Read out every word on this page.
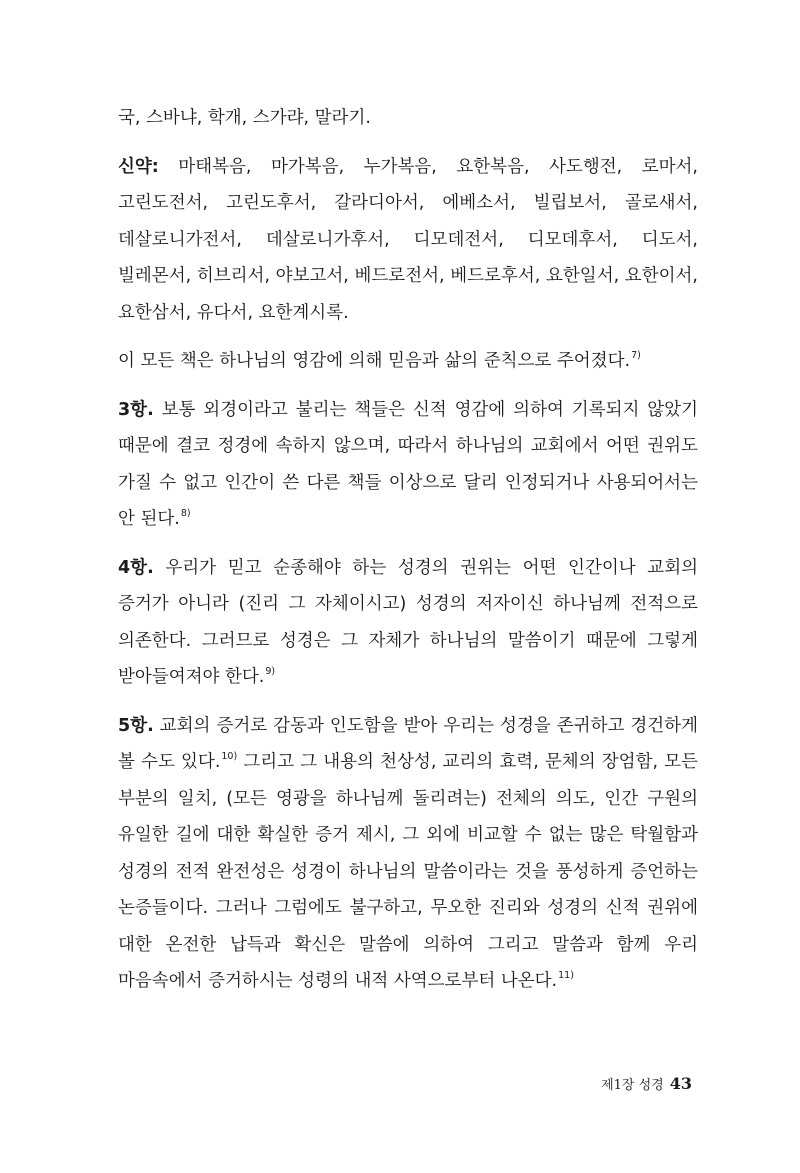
국, 스바냐, 학개, 스가랴, 말라기.

신약: 마태복음, 마가복음, 누가복음, 요한복음, 사도행전, 로마서, 고린도전서, 고린도후서, 갈라디아서, 에베소서, 빌립보서, 골로새서, 데살로니가전서, 데살로니가후서, 디모데전서, 디모데후서, 디도서, 빌레몬서, 히브리서, 야보고서, 베드로전서, 베드로후서, 요한일서, 요한이서, 요한삼서, 유다서, 요한계시록.

이 모든 책은 하나님의 영감에 의해 믿음과 삶의 준칙으로 주어졌다.$^{7)}$

3항. 보통 외경이라고 불리는 책들은 신적 영감에 의하여 기록되지 않았기 때문에 결코 정경에 속하지 않으며, 따라서 하나님의 교회에서 어떤 권위도 가질 수 없고 인간이 쓴 다른 책들 이상으로 달리 인정되거나 사용되어서는 안 된다.$^{8)}$

4항. 우리가 믿고 순종해야 하는 성경의 권위는 어떤 인간이나 교회의 증거가 아니라 (진리 그 자체이시고) 성경의 저자이신 하나님께 전적으로 의존한다. 그러므로 성경은 그 자체가 하나님의 말씀이기 때문에 그렇게 받아들여져야 한다.$^{9)}$

5항. 교회의 증거로 감동과 인도함을 받아 우리는 성경을 존귀하고 경건하게 볼 수도 있다.$^{10)}$ 그리고 그 내용의 천상성, 교리의 효력, 문체의 장엄함, 모든 부분의 일치, (모든 영광을 하나님께 돌리려는) 전체의 의도, 인간 구원의 유일한 길에 대한 확실한 증거 제시, 그 외에 비교할 수 없는 많은 탁월함과 성경의 전적 완전성은 성경이 하나님의 말씀이라는 것을 풍성하게 증언하는 논증들이다. 그러나 그럼에도 불구하고, 무오한 진리와 성경의 신적 권위에 대한 온전한 납득과 확신은 말씀에 의하여 그리고 말씀과 함께 우리 마음속에서 증거하시는 성령의 내적 사역으로부터 나온다.$^{11)}$

제1장 성경 43
